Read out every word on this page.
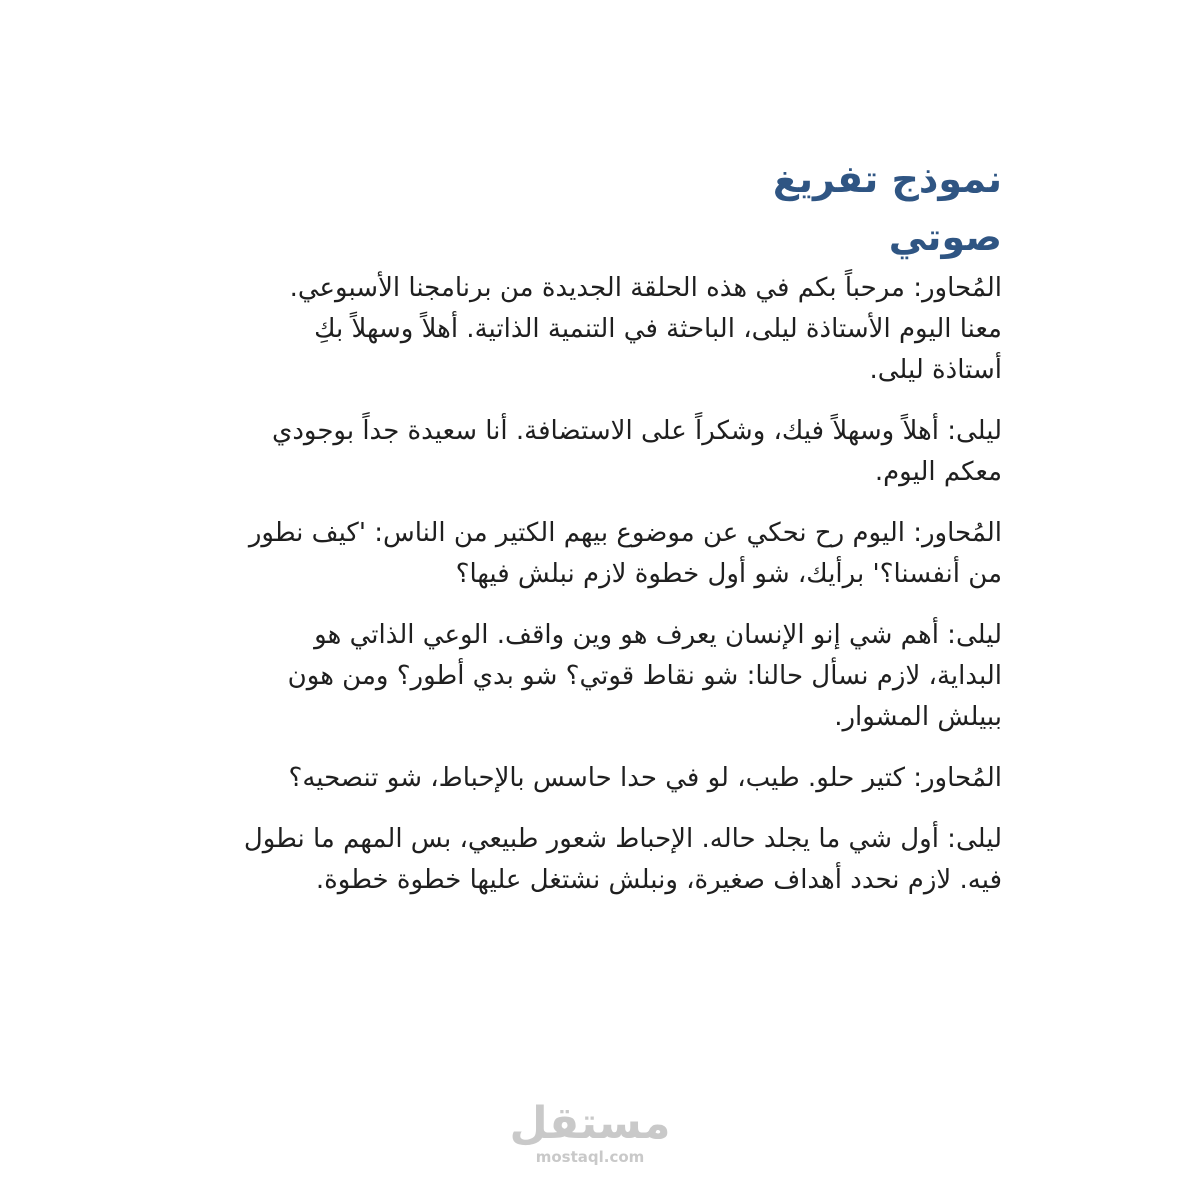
نموذج تفريغ صوتي

المُحاور: مرحباً بكم في هذه الحلقة الجديدة من برنامجنا الأسبوعي.
معنا اليوم الأستاذة ليلى، الباحثة في التنمية الذاتية. أهلاً وسهلاً بكِ
أستاذة ليلى.

ليلى: أهلاً وسهلاً فيك، وشكراً على الاستضافة. أنا سعيدة جداً بوجودي
معكم اليوم.

المُحاور: اليوم رح نحكي عن موضوع بيهم الكتير من الناس: 'كيف نطور
من أنفسنا؟' برأيك، شو أول خطوة لازم نبلش فيها؟

ليلى: أهم شي إنو الإنسان يعرف هو وين واقف. الوعي الذاتي هو
البداية، لازم نسأل حالنا: شو نقاط قوتي؟ شو بدي أطور؟ ومن هون
ببيلش المشوار.

المُحاور: كتير حلو. طيب، لو في حدا حاسس بالإحباط، شو تنصحيه؟

ليلى: أول شي ما يجلد حاله. الإحباط شعور طبيعي، بس المهم ما نطول
فيه. لازم نحدد أهداف صغيرة، ونبلش نشتغل عليها خطوة خطوة.

مستقل
mostaql.com
